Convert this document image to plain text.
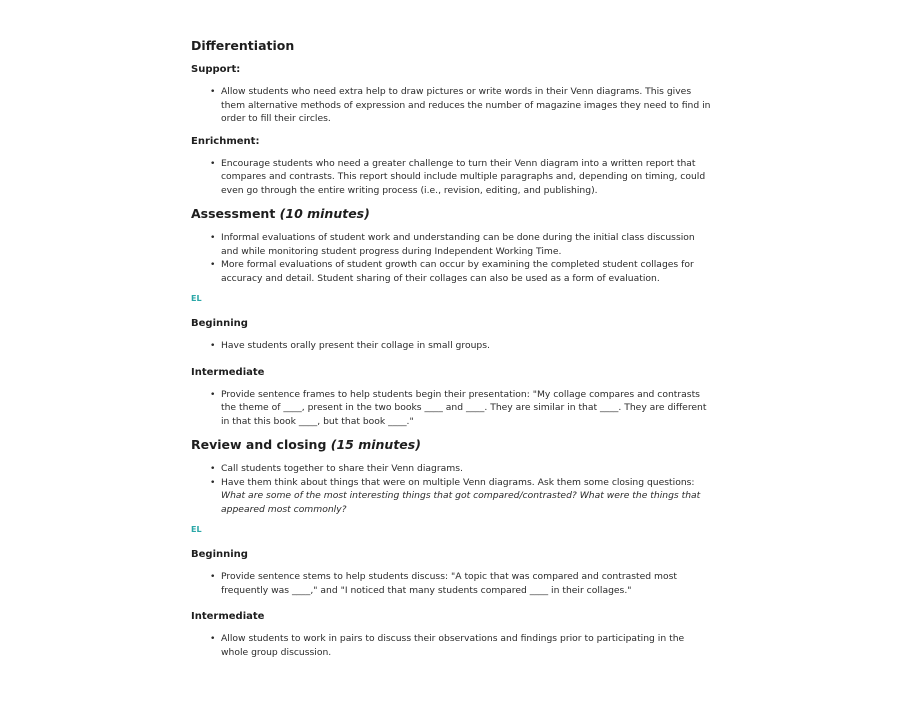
Differentiation

Support:

• Allow students who need extra help to draw pictures or write words in their Venn diagrams. This gives them alternative methods of expression and reduces the number of magazine images they need to find in order to fill their circles.

Enrichment:

• Encourage students who need a greater challenge to turn their Venn diagram into a written report that compares and contrasts. This report should include multiple paragraphs and, depending on timing, could even go through the entire writing process (i.e., revision, editing, and publishing).
Assessment (10 minutes)
• Informal evaluations of student work and understanding can be done during the initial class discussion and while monitoring student progress during Independent Working Time.
• More formal evaluations of student growth can occur by examining the completed student collages for accuracy and detail. Student sharing of their collages can also be used as a form of evaluation.

EL

Beginning

• Have students orally present their collage in small groups.

Intermediate

• Provide sentence frames to help students begin their presentation: "My collage compares and contrasts the theme of ____, present in the two books ____ and ____. They are similar in that ____. They are different in that this book ____, but that book ____."
Review and closing (15 minutes)
• Call students together to share their Venn diagrams.
• Have them think about things that were on multiple Venn diagrams. Ask them some closing questions: What are some of the most interesting things that got compared/contrasted? What were the things that appeared most commonly?

EL

Beginning

• Provide sentence stems to help students discuss: "A topic that was compared and contrasted most frequently was ____," and "I noticed that many students compared ____ in their collages."

Intermediate

• Allow students to work in pairs to discuss their observations and findings prior to participating in the whole group discussion.
